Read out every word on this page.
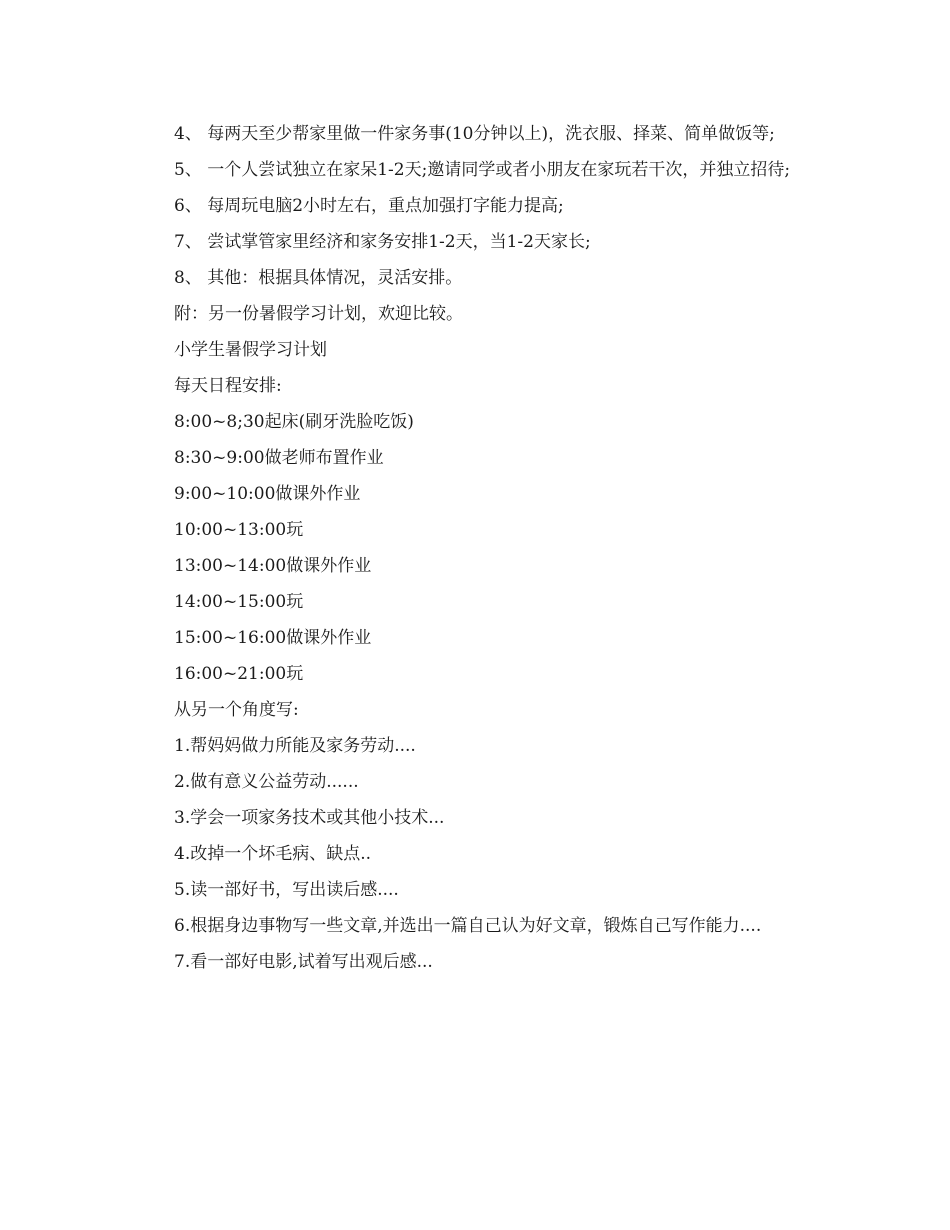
4、 每两天至少帮家里做一件家务事(10分钟以上)，洗衣服、择菜、简单做饭等;

5、 一个人尝试独立在家呆1-2天;邀请同学或者小朋友在家玩若干次，并独立招待;

6、 每周玩电脑2小时左右，重点加强打字能力提高;

7、 尝试掌管家里经济和家务安排1-2天，当1-2天家长;

8、 其他：根据具体情况，灵活安排。

附：另一份暑假学习计划，欢迎比较。

小学生暑假学习计划

每天日程安排:

8:00~8;30起床(刷牙洗脸吃饭)

8:30~9:00做老师布置作业

9:00~10:00做课外作业

10:00~13:00玩

13:00~14:00做课外作业

14:00~15:00玩

15:00~16:00做课外作业

16:00~21:00玩

从另一个角度写:

1.帮妈妈做力所能及家务劳动....

2.做有意义公益劳动......

3.学会一项家务技术或其他小技术...

4.改掉一个坏毛病、缺点..

5.读一部好书，写出读后感....

6.根据身边事物写一些文章,并选出一篇自己认为好文章，锻炼自己写作能力....

7.看一部好电影,试着写出观后感...
